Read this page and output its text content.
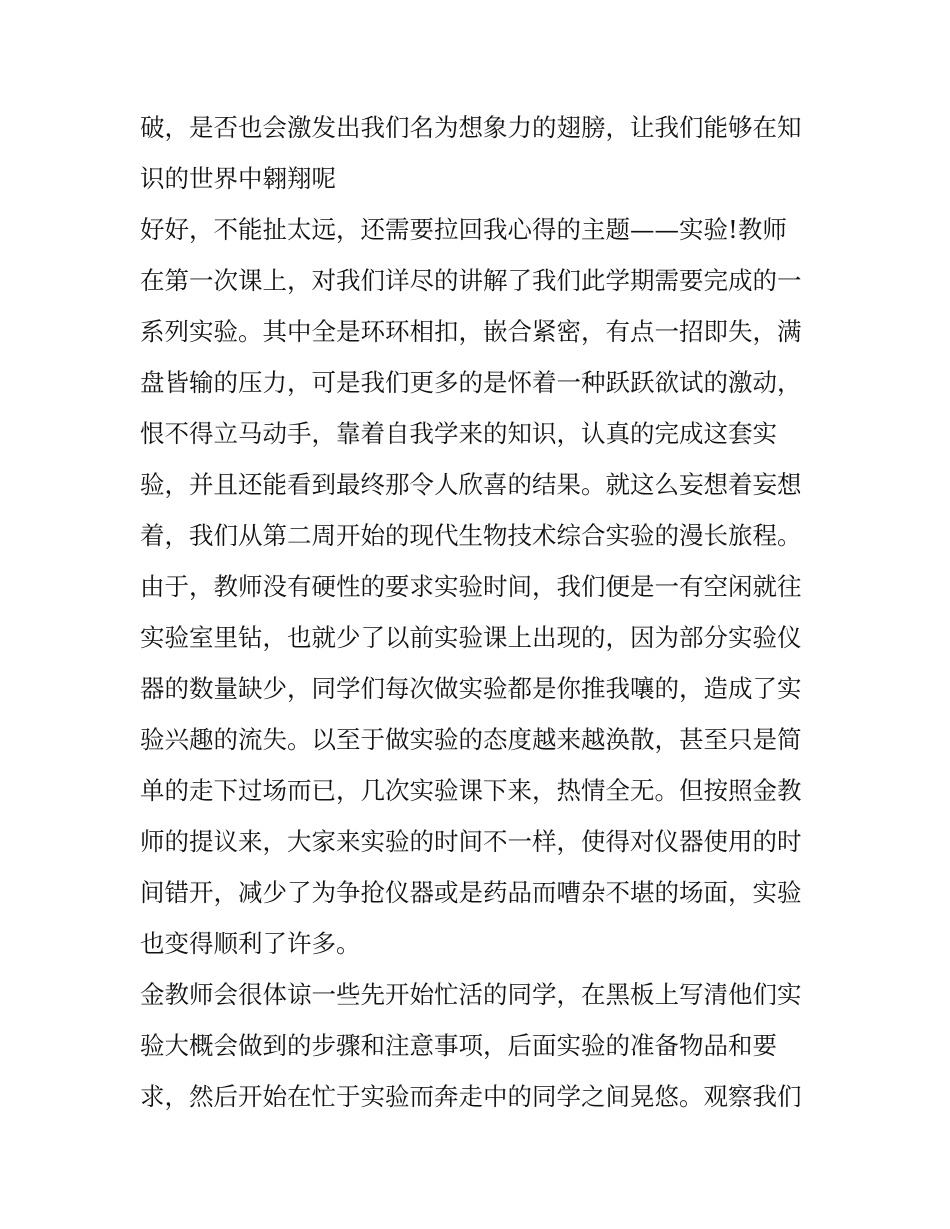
破，是否也会激发出我们名为想象力的翅膀，让我们能够在知
识的世界中翱翔呢
好好，不能扯太远，还需要拉回我心得的主题——实验!教师
在第一次课上，对我们详尽的讲解了我们此学期需要完成的一
系列实验。其中全是环环相扣，嵌合紧密，有点一招即失，满
盘皆输的压力，可是我们更多的是怀着一种跃跃欲试的激动，
恨不得立马动手，靠着自我学来的知识，认真的完成这套实
验，并且还能看到最终那令人欣喜的结果。就这么妄想着妄想
着，我们从第二周开始的现代生物技术综合实验的漫长旅程。
由于，教师没有硬性的要求实验时间，我们便是一有空闲就往
实验室里钻，也就少了以前实验课上出现的，因为部分实验仪
器的数量缺少，同学们每次做实验都是你推我嚷的，造成了实
验兴趣的流失。以至于做实验的态度越来越涣散，甚至只是简
单的走下过场而已，几次实验课下来，热情全无。但按照金教
师的提议来，大家来实验的时间不一样，使得对仪器使用的时
间错开，减少了为争抢仪器或是药品而嘈杂不堪的场面，实验
也变得顺利了许多。
金教师会很体谅一些先开始忙活的同学，在黑板上写清他们实
验大概会做到的步骤和注意事项，后面实验的准备物品和要
求，然后开始在忙于实验而奔走中的同学之间晃悠。观察我们
